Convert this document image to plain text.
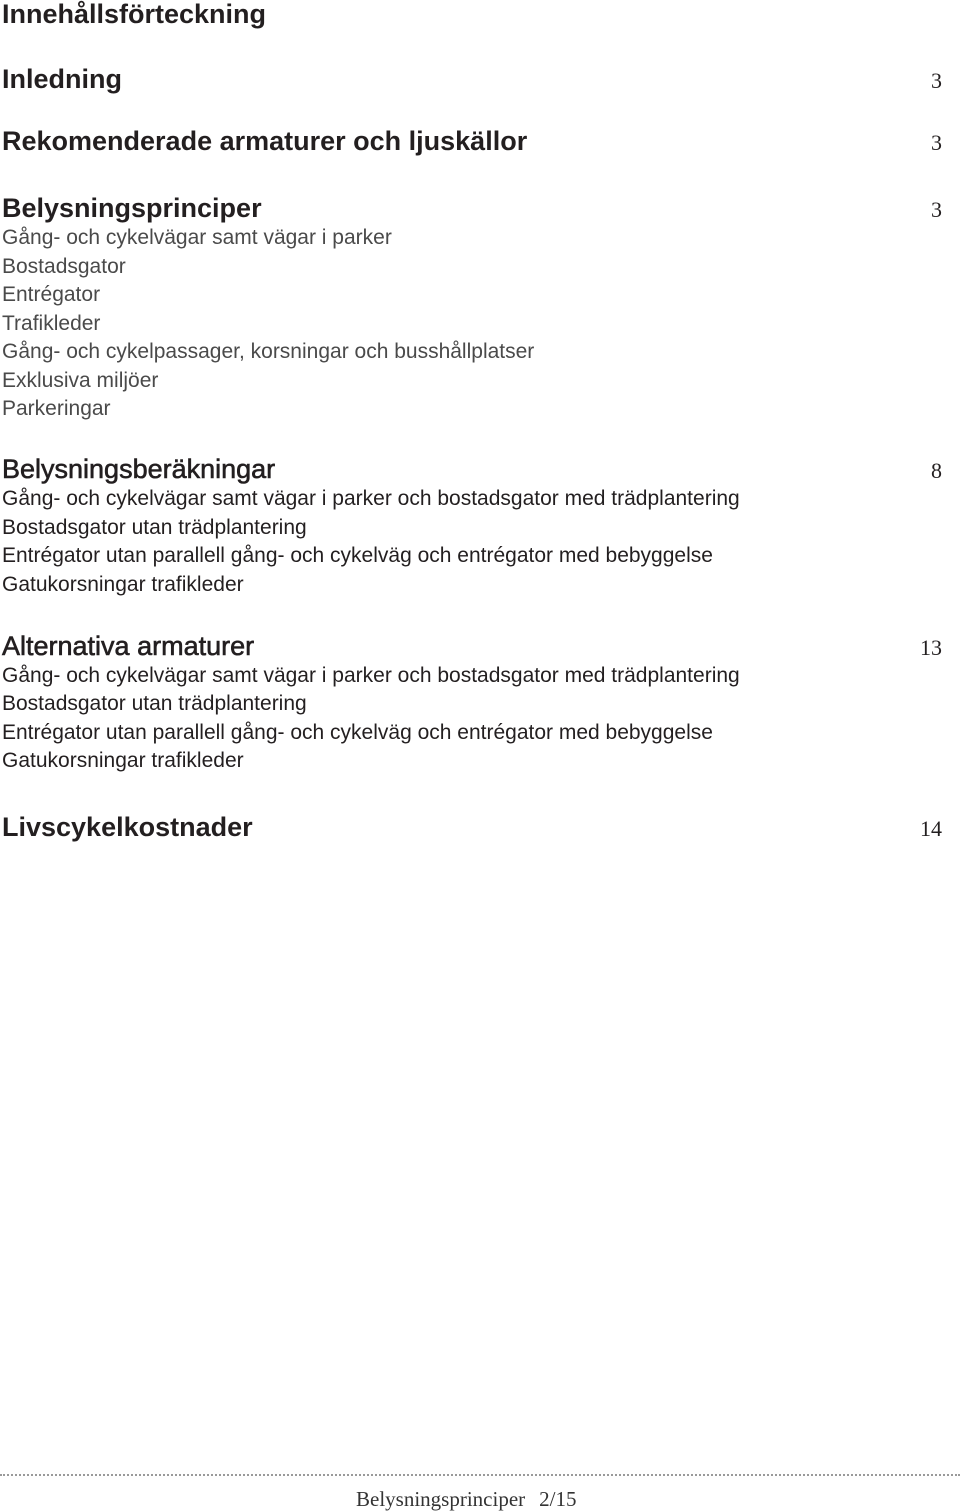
Innehållsförteckning
Inledning	3
Rekomenderade armaturer och ljuskällor	3
Belysningsprinciper	3
Gång- och cykelvägar samt vägar i parker
Bostadsgator
Entrégator
Trafikleder
Gång- och cykelpassager, korsningar och busshållplatser
Exklusiva miljöer
Parkeringar
Belysningsberäkningar	8
Gång- och cykelvägar samt vägar i parker och bostadsgator med trädplantering
Bostadsgator utan trädplantering
Entrégator utan parallell gång- och cykelväg och entrégator med bebyggelse
Gatukorsningar trafikleder
Alternativa armaturer	13
Gång- och cykelvägar samt vägar i parker och bostadsgator med trädplantering
Bostadsgator utan trädplantering
Entrégator utan parallell gång- och cykelväg och entrégator med bebyggelse
Gatukorsningar trafikleder
Livscykelkostnader	14
Belysningsprinciper 2/15
